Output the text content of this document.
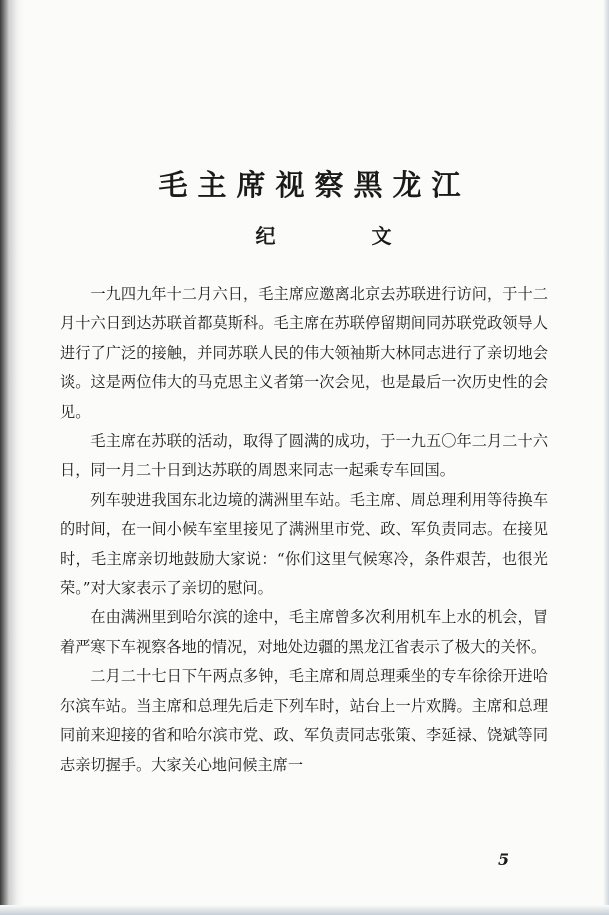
毛主席视察黑龙江
纪　文

一九四九年十二月六日，毛主席应邀离北京去苏联进行访问，于十二月十六日到达苏联首都莫斯科。毛主席在苏联停留期间同苏联党政领导人进行了广泛的接触，并同苏联人民的伟大领袖斯大林同志进行了亲切地会谈。这是两位伟大的马克思主义者第一次会见，也是最后一次历史性的会见。

毛主席在苏联的活动，取得了圆满的成功，于一九五〇年二月二十六日，同一月二十日到达苏联的周恩来同志一起乘专车回国。

列车驶进我国东北边境的满洲里车站。毛主席、周总理利用等待换车的时间，在一间小候车室里接见了满洲里市党、政、军负责同志。在接见时，毛主席亲切地鼓励大家说：“你们这里气候寒冷，条件艰苦，也很光荣。”对大家表示了亲切的慰问。

在由满洲里到哈尔滨的途中，毛主席曾多次利用机车上水的机会，冒着严寒下车视察各地的情况，对地处边疆的黑龙江省表示了极大的关怀。

二月二十七日下午两点多钟，毛主席和周总理乘坐的专车徐徐开进哈尔滨车站。当主席和总理先后走下列车时，站台上一片欢腾。主席和总理同前来迎接的省和哈尔滨市党、政、军负责同志张策、李延禄、饶斌等同志亲切握手。大家关心地问候主席一

5
